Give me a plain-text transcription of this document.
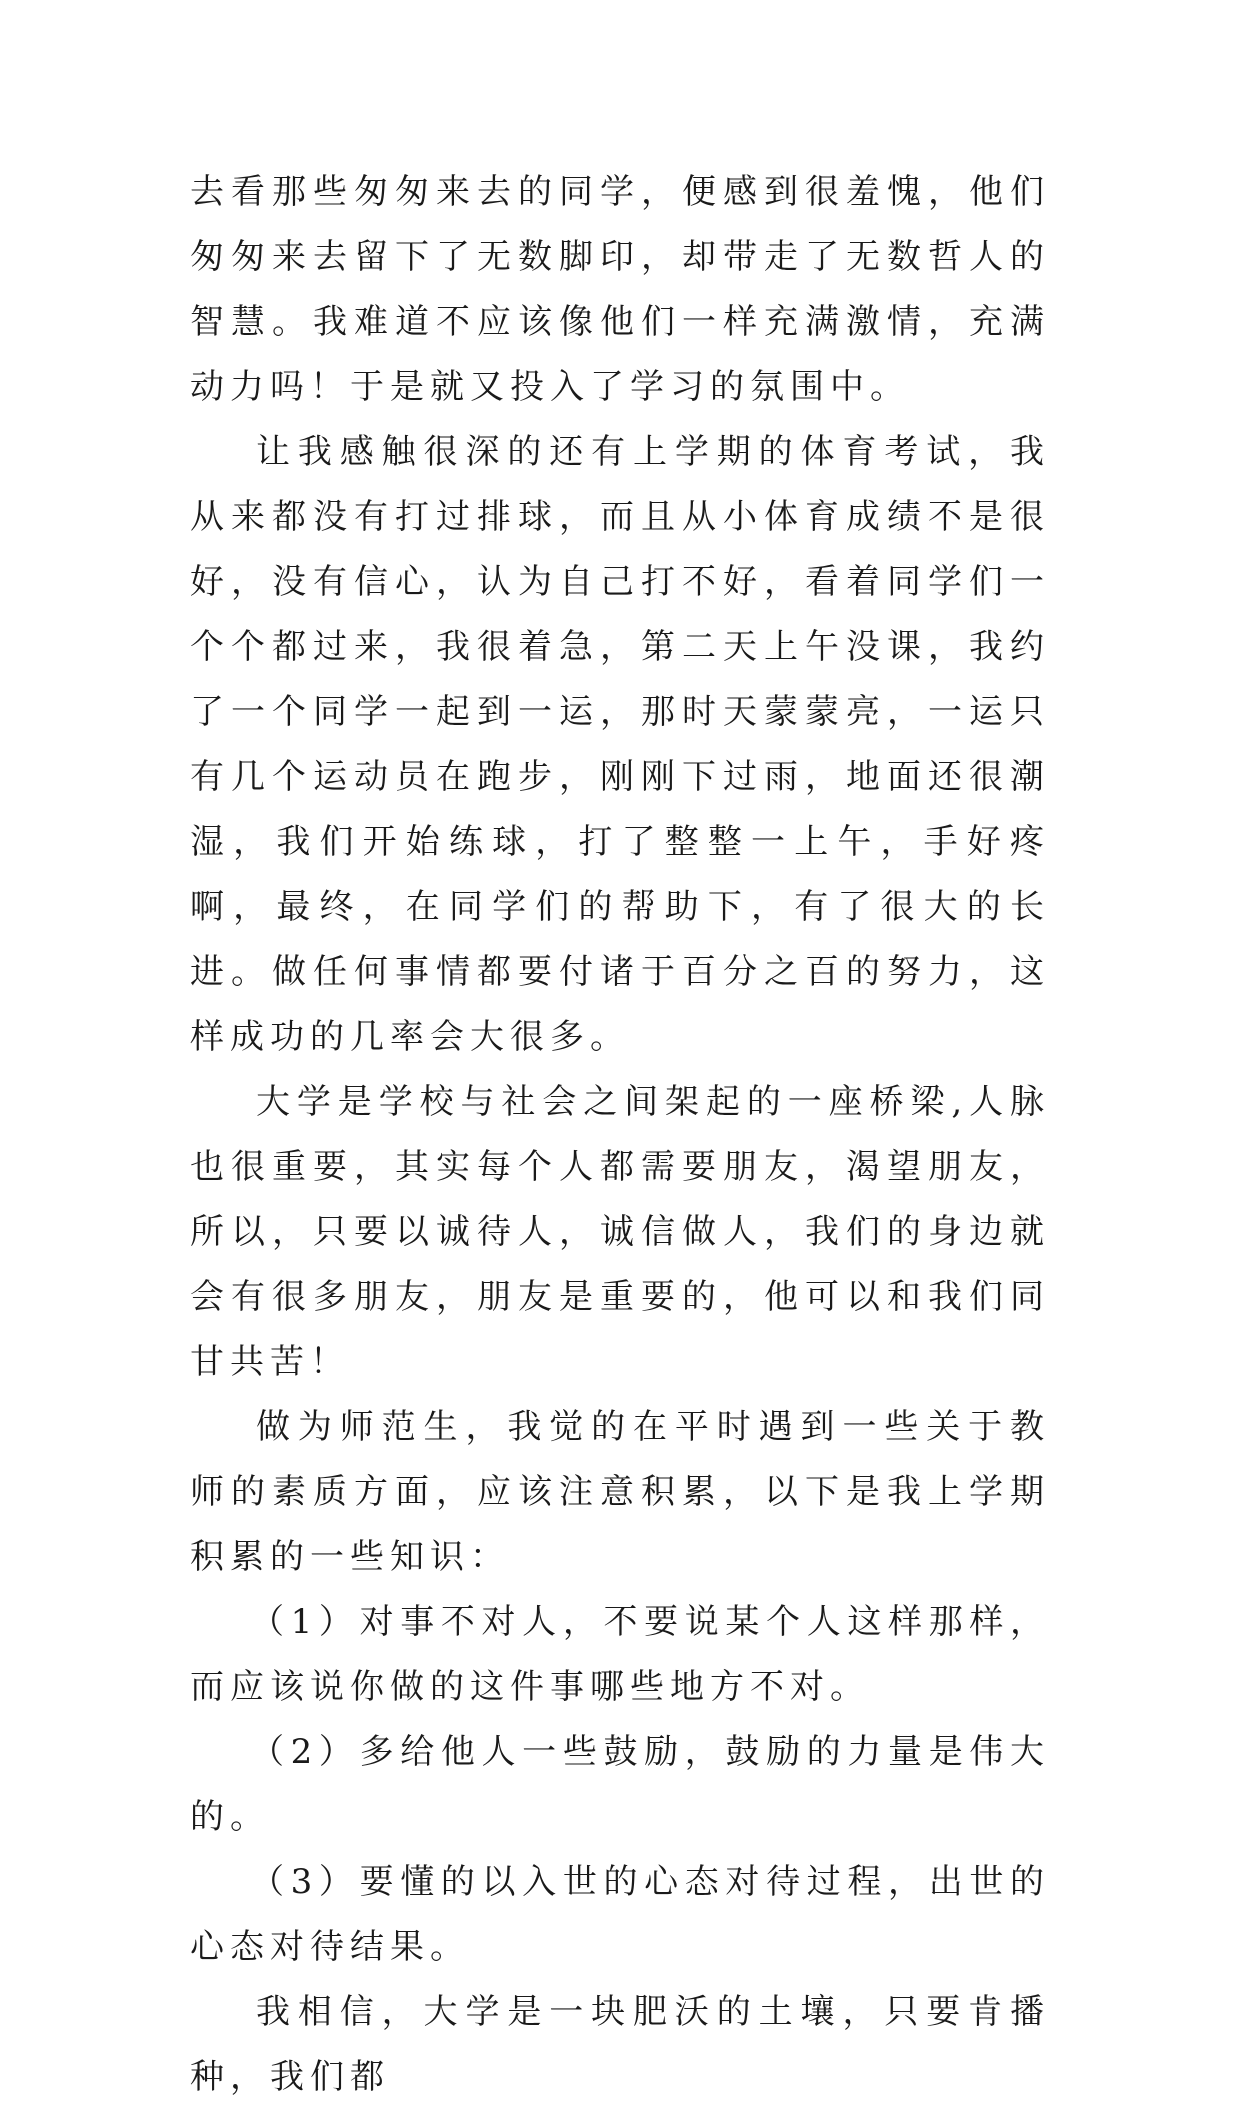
去看那些匆匆来去的同学，便感到很羞愧，他们匆匆来去留下了无数脚印，却带走了无数哲人的智慧。我难道不应该像他们一样充满激情，充满动力吗！于是就又投入了学习的氛围中。

让我感触很深的还有上学期的体育考试，我从来都没有打过排球，而且从小体育成绩不是很好，没有信心，认为自己打不好，看着同学们一个个都过来，我很着急，第二天上午没课，我约了一个同学一起到一运，那时天蒙蒙亮，一运只有几个运动员在跑步，刚刚下过雨，地面还很潮湿，我们开始练球，打了整整一上午，手好疼啊，最终，在同学们的帮助下，有了很大的长进。做任何事情都要付诸于百分之百的努力，这样成功的几率会大很多。

大学是学校与社会之间架起的一座桥梁,人脉也很重要，其实每个人都需要朋友，渴望朋友，所以，只要以诚待人，诚信做人，我们的身边就会有很多朋友，朋友是重要的，他可以和我们同甘共苦！

做为师范生，我觉的在平时遇到一些关于教师的素质方面，应该注意积累，以下是我上学期积累的一些知识：

（1）对事不对人，不要说某个人这样那样，而应该说你做的这件事哪些地方不对。

（2）多给他人一些鼓励，鼓励的力量是伟大的。

（3）要懂的以入世的心态对待过程，出世的心态对待结果。

我相信，大学是一块肥沃的土壤，只要肯播种，我们都
